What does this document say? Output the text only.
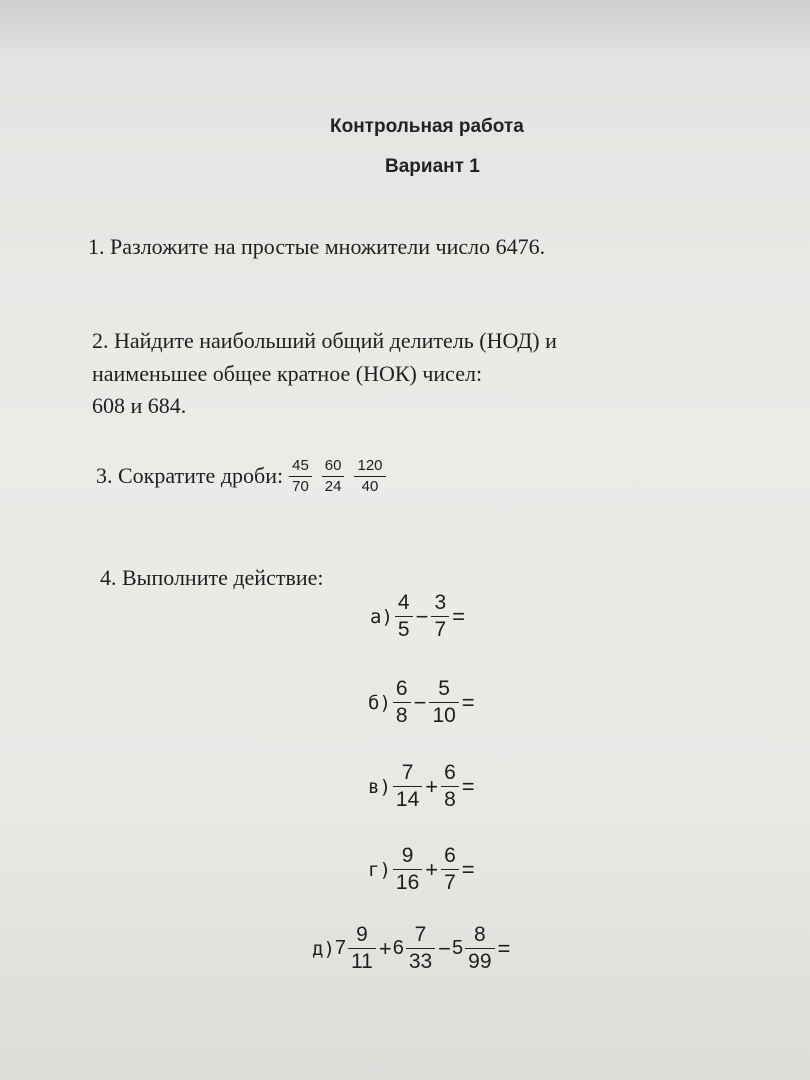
Контрольная работа
Вариант 1
1. Разложите на простые множители число 6476.
2. Найдите наибольший общий делитель (НОД) и
наименьшее общее кратное (НОК) чисел:
608 и 684.
3. Сократите дроби: $\frac{45}{70} \frac{60}{24} \frac{120}{40}$
4. Выполните действие:
$а) \frac{4}{5} - \frac{3}{7}$ =
$б) \frac{6}{8} - \frac{5}{10}$ =
$в) \frac{7}{14} + \frac{6}{8}$ =
$г) \frac{9}{16} + \frac{6}{7}$ =
д) $7 \frac{9}{11} + 6 \frac{7}{33} - 5 \frac{8}{99}$ =
